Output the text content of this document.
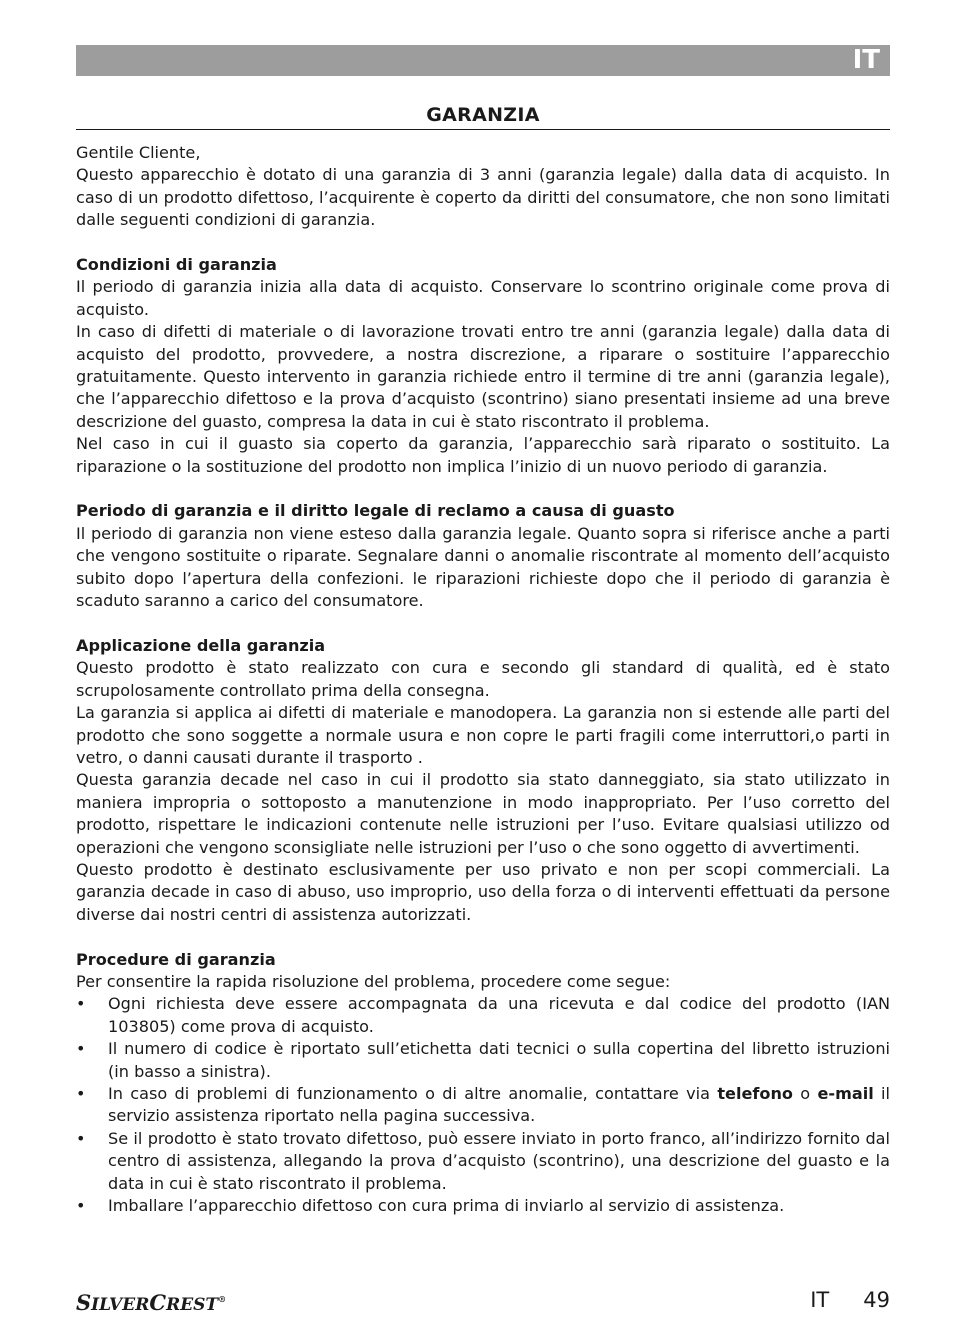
IT
GARANZIA

Gentile Cliente,

Questo apparecchio è dotato di una garanzia di 3 anni (garanzia legale) dalla data di acquisto. In caso di un prodotto difettoso, l’acquirente è coperto da diritti del consumatore, che non sono limitati dalle seguenti condizioni di garanzia.

Condizioni di garanzia

Il periodo di garanzia inizia alla data di acquisto. Conservare lo scontrino originale come prova di acquisto.

In caso di difetti di materiale o di lavorazione trovati entro tre anni (garanzia legale) dalla data di acquisto del prodotto, provvedere, a nostra discrezione, a riparare o sostituire l’apparecchio gratuitamente. Questo intervento in garanzia richiede entro il termine di tre anni (garanzia legale), che l’apparecchio difettoso e la prova d’acquisto (scontrino) siano presentati insieme ad una breve descrizione del guasto, compresa la data in cui è stato riscontrato il problema.

Nel caso in cui il guasto sia coperto da garanzia, l’apparecchio sarà riparato o sostituito. La riparazione o la sostituzione del prodotto non implica l’inizio di un nuovo periodo di garanzia.

Periodo di garanzia e il diritto legale di reclamo a causa di guasto

Il periodo di garanzia non viene esteso dalla garanzia legale. Quanto sopra si riferisce anche a parti che vengono sostituite o riparate. Segnalare danni o anomalie riscontrate al momento dell’acquisto subito dopo l’apertura della confezioni. le riparazioni richieste dopo che il periodo di garanzia è scaduto saranno a carico del consumatore.

Applicazione della garanzia

Questo prodotto è stato realizzato con cura e secondo gli standard di qualità, ed è stato scrupolosamente controllato prima della consegna.

La garanzia si applica ai difetti di materiale e manodopera. La garanzia non si estende alle parti del prodotto che sono soggette a normale usura e non copre le parti fragili come interruttori,o parti in vetro, o danni causati durante il trasporto .

Questa garanzia decade nel caso in cui il prodotto sia stato danneggiato, sia stato utilizzato in maniera impropria o sottoposto a manutenzione in modo inappropriato. Per l’uso corretto del prodotto, rispettare le indicazioni contenute nelle istruzioni per l’uso. Evitare qualsiasi utilizzo od operazioni che vengono sconsigliate nelle istruzioni per l’uso o che sono oggetto di avvertimenti.

Questo prodotto è destinato esclusivamente per uso privato e non per scopi commerciali. La garanzia decade in caso di abuso, uso improprio, uso della forza o di interventi effettuati da persone diverse dai nostri centri di assistenza autorizzati.

Procedure di garanzia

Per consentire la rapida risoluzione del problema, procedere come segue:

• Ogni richiesta deve essere accompagnata da una ricevuta e dal codice del prodotto (IAN 103805) come prova di acquisto.
• Il numero di codice è riportato sull’etichetta dati tecnici o sulla copertina del libretto istruzioni (in basso a sinistra).
• In caso di problemi di funzionamento o di altre anomalie, contattare via telefono o e-mail il servizio assistenza riportato nella pagina successiva.
• Se il prodotto è stato trovato difettoso, può essere inviato in porto franco, all’indirizzo fornito dal centro di assistenza, allegando la prova d’acquisto (scontrino), una descrizione del guasto e la data in cui è stato riscontrato il problema.
• Imballare l’apparecchio difettoso con cura prima di inviarlo al servizio di assistenza.
SILVERCREST®	IT 49
